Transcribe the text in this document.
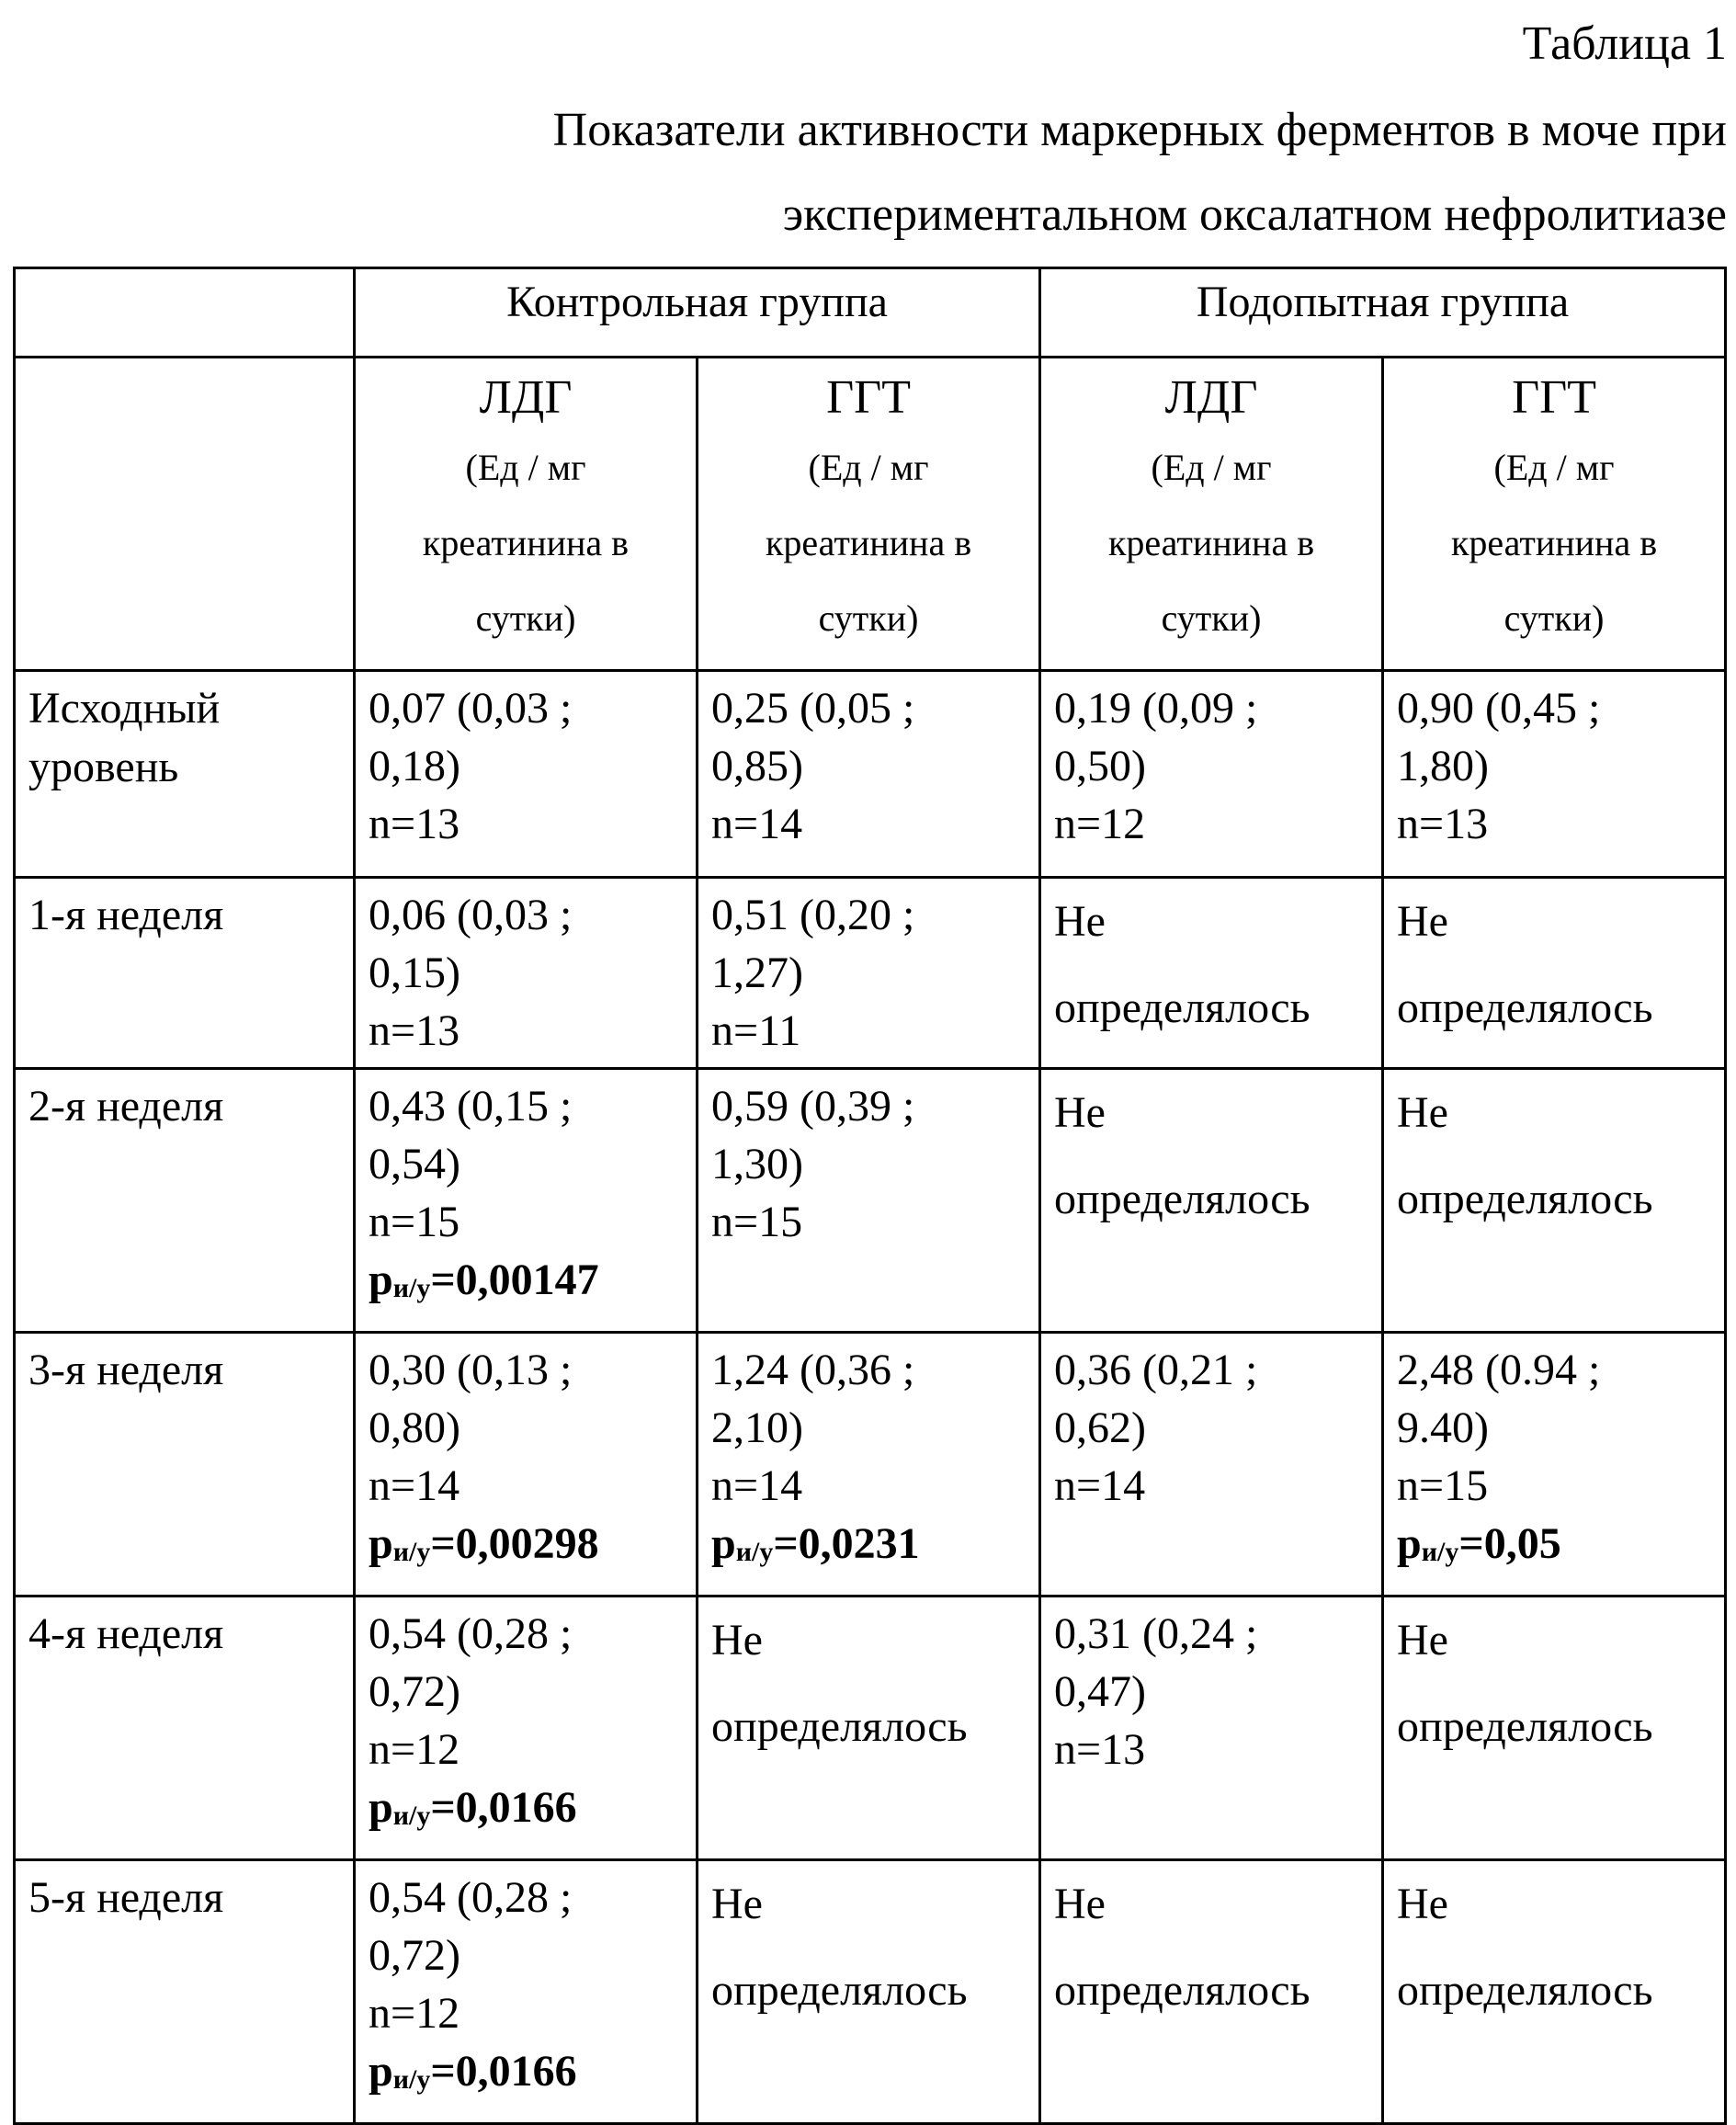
Таблица 1
Показатели активности маркерных ферментов в моче при
экспериментальном оксалатном нефролитиазе
	Контрольная группа		Подопытная группа	

	ЛДГ
(Ед / мг
креатинина в
сутки)	ГГТ
(Ед / мг
креатинина в
сутки)	ЛДГ
(Ед / мг
креатинина в
сутки)	ГГТ
(Ед / мг
креатинина в
сутки)

Исходный
уровень	0,07 (0,03 ;
0,18)
n=13	0,25 (0,05 ;
0,85)
n=14	0,19 (0,09 ;
0,50)
n=12	0,90 (0,45 ;
1,80)
n=13

1-я неделя	0,06 (0,03 ;
0,15)
n=13	0,51 (0,20 ;
1,27)
n=11	Не
определялось	Не
определялось

2-я неделя	0,43 (0,15 ;
0,54)
n=15
$p_{и/у}=0,00147$	0,59 (0,39 ;
1,30)
n=15	Не
определялось	Не
определялось

3-я неделя	0,30 (0,13 ;
0,80)
n=14
$p_{и/у}=0,00298$	1,24 (0,36 ;
2,10)
n=14
$p_{и/у}=0,0231$	0,36 (0,21 ;
0,62)
n=14	2,48 (0.94 ;
9.40)
n=15
$p_{и/у}=0,05$

4-я неделя	0,54 (0,28 ;
0,72)
n=12
$p_{и/у}=0,0166$	Не
определялось	0,31 (0,24 ;
0,47)
n=13	Не
определялось

5-я неделя	0,54 (0,28 ;
0,72)
n=12
$p_{и/у}=0,0166$	Не
определялось	Не
определялось	Не
определялось
